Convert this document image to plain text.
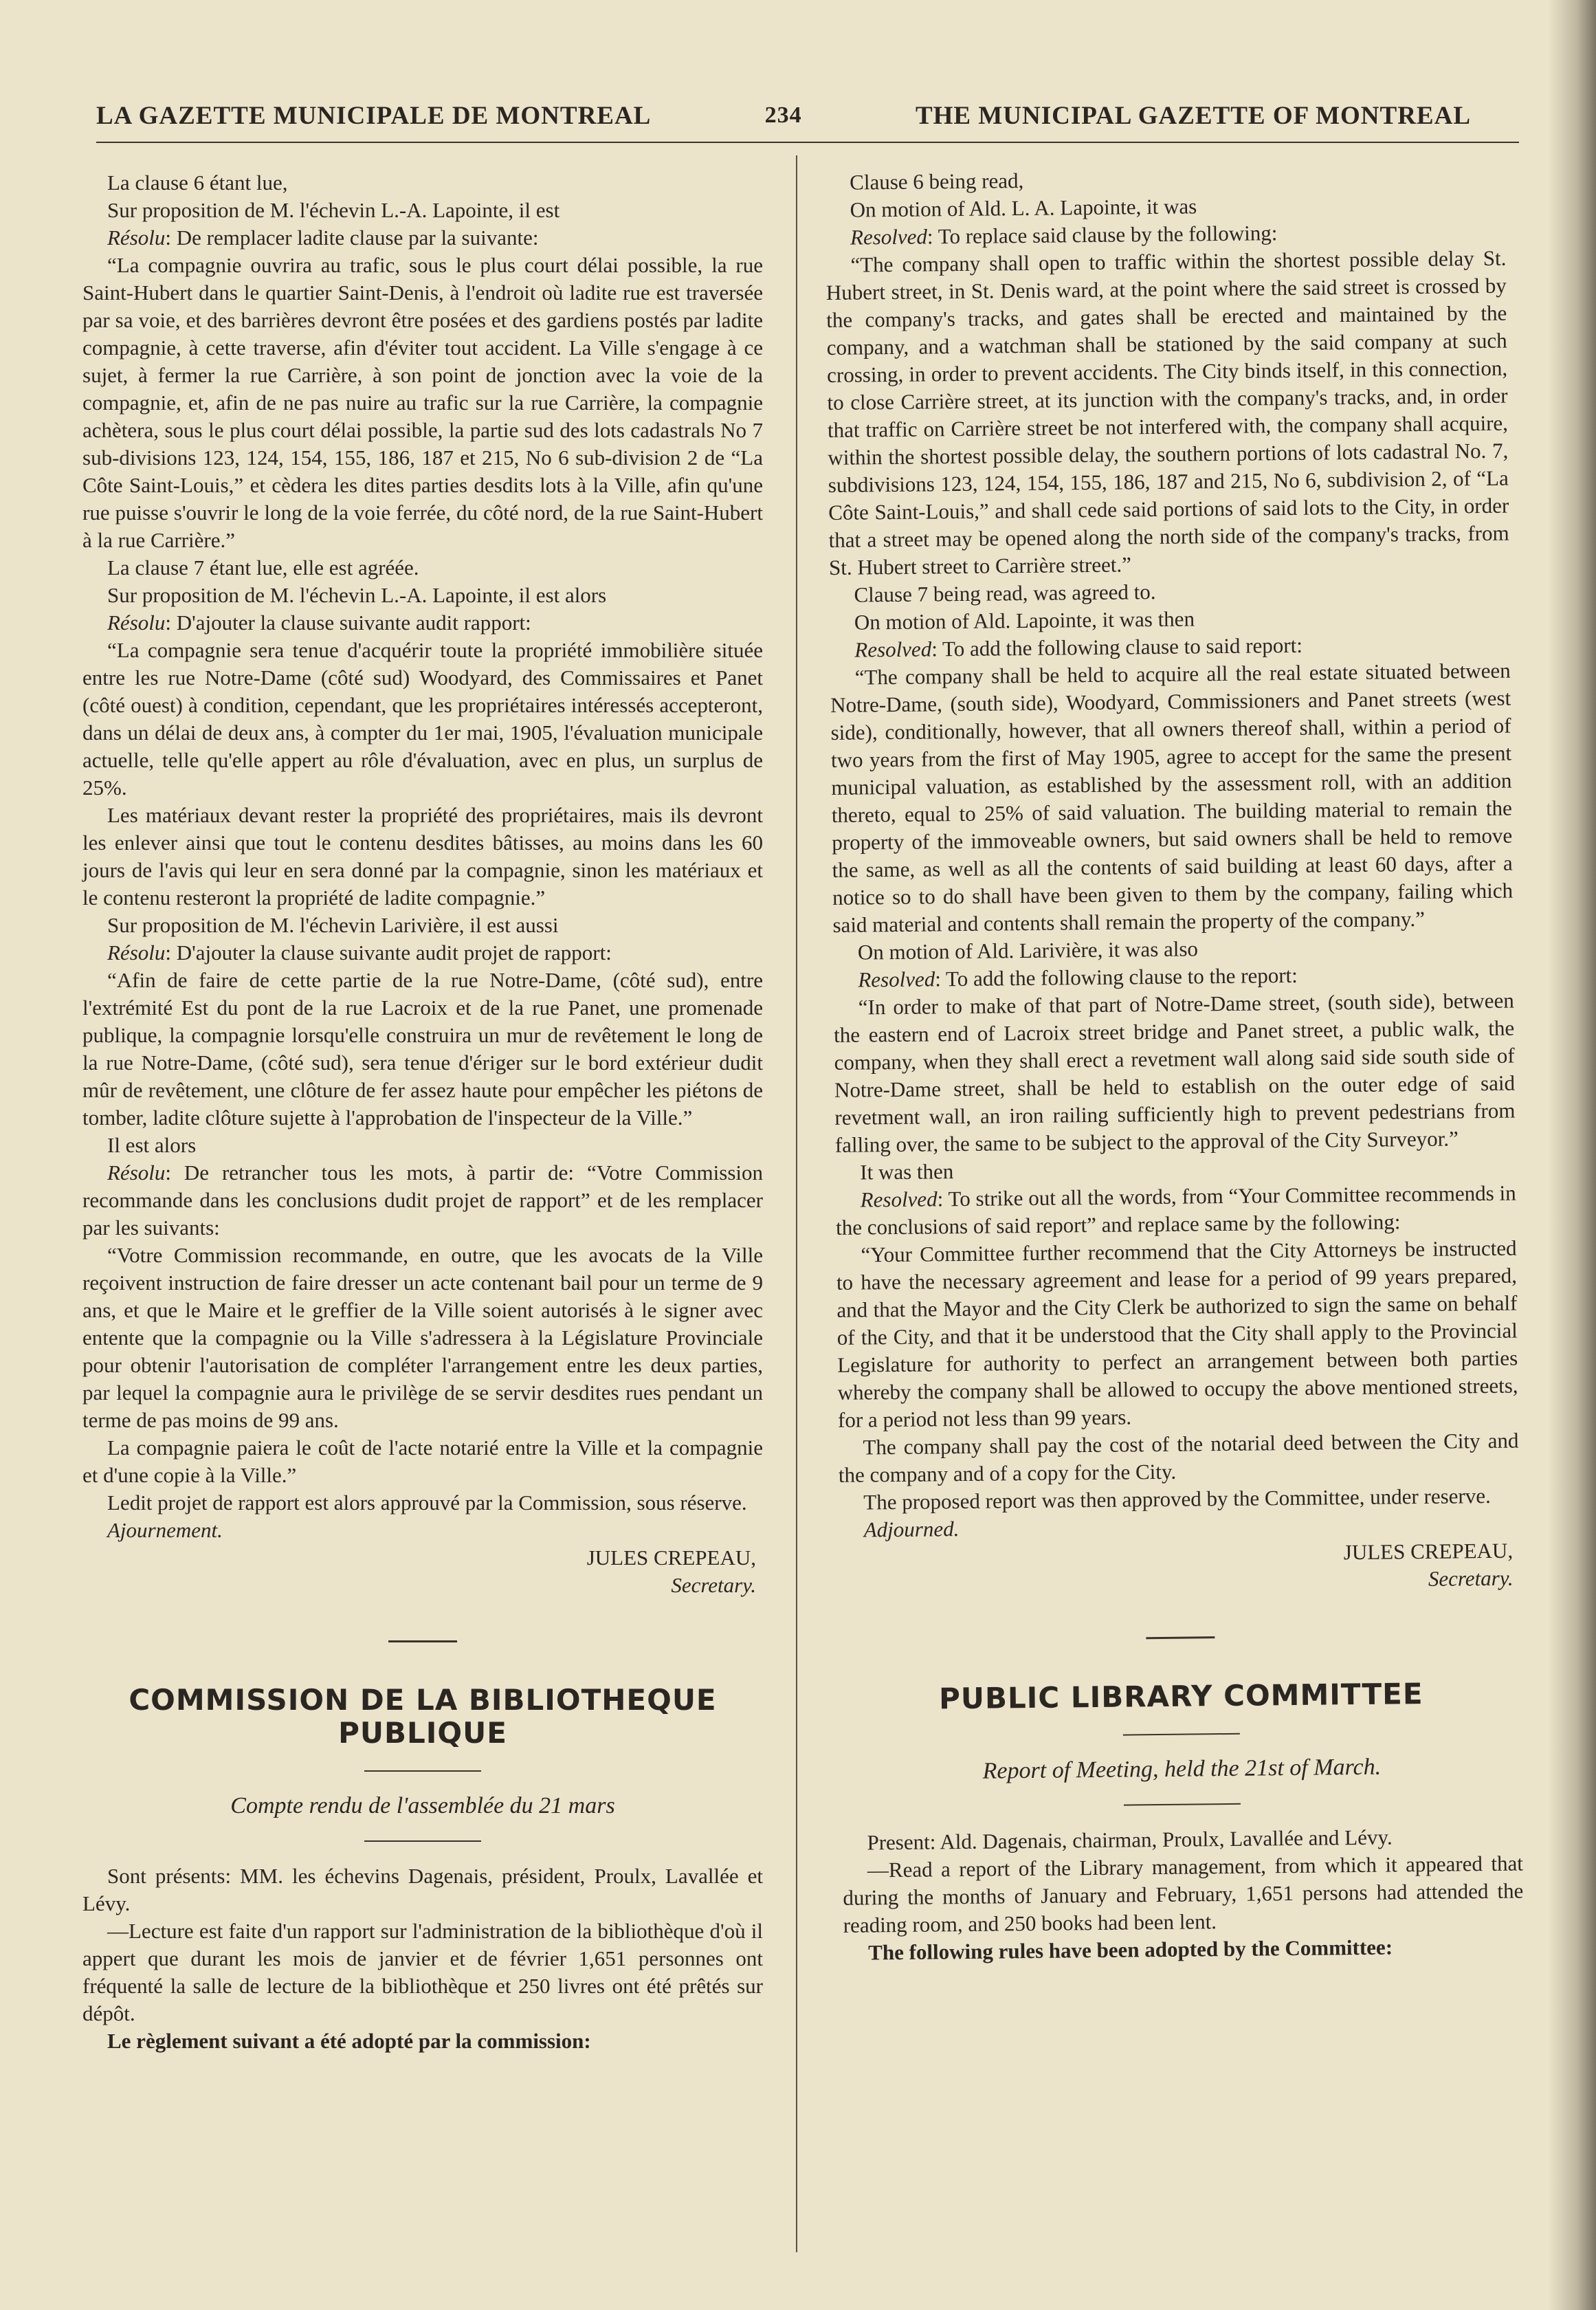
LA GAZETTE MUNICIPALE DE MONTREAL	234	THE MUNICIPAL GAZETTE OF MONTREAL

La clause 6 étant lue,

Sur proposition de M. l'échevin L.-A. Lapointe, il est

Résolu: De remplacer ladite clause par la suivante:

“La compagnie ouvrira au trafic, sous le plus court délai possible, la rue Saint-Hubert dans le quartier Saint-Denis, à l'endroit où ladite rue est traversée par sa voie, et des barrières devront être posées et des gardiens postés par ladite compagnie, à cette traverse, afin d'éviter tout accident. La Ville s'engage à ce sujet, à fermer la rue Carrière, à son point de jonction avec la voie de la compagnie, et, afin de ne pas nuire au trafic sur la rue Carrière, la compagnie achètera, sous le plus court délai possible, la partie sud des lots cadastrals No 7 sub-divisions 123, 124, 154, 155, 186, 187 et 215, No 6 sub-division 2 de “La Côte Saint-Louis,” et cèdera les dites parties desdits lots à la Ville, afin qu'une rue puisse s'ouvrir le long de la voie ferrée, du côté nord, de la rue Saint-Hubert à la rue Carrière.”

La clause 7 étant lue, elle est agréée.

Sur proposition de M. l'échevin L.-A. Lapointe, il est alors

Résolu: D'ajouter la clause suivante audit rapport:

“La compagnie sera tenue d'acquérir toute la propriété immobilière située entre les rue Notre-Dame (côté sud) Woodyard, des Commissaires et Panet (côté ouest) à condition, cependant, que les propriétaires intéressés accepteront, dans un délai de deux ans, à compter du 1er mai, 1905, l'évaluation municipale actuelle, telle qu'elle appert au rôle d'évaluation, avec en plus, un surplus de 25%.

Les matériaux devant rester la propriété des propriétaires, mais ils devront les enlever ainsi que tout le contenu desdites bâtisses, au moins dans les 60 jours de l'avis qui leur en sera donné par la compagnie, sinon les matériaux et le contenu resteront la propriété de ladite compagnie.”

Sur proposition de M. l'échevin Larivière, il est aussi

Résolu: D'ajouter la clause suivante audit projet de rapport:

“Afin de faire de cette partie de la rue Notre-Dame, (côté sud), entre l'extrémité Est du pont de la rue Lacroix et de la rue Panet, une promenade publique, la compagnie lorsqu'elle construira un mur de revêtement le long de la rue Notre-Dame, (côté sud), sera tenue d'ériger sur le bord extérieur dudit mûr de revêtement, une clôture de fer assez haute pour empêcher les piétons de tomber, ladite clôture sujette à l'approbation de l'inspecteur de la Ville.”

Il est alors

Résolu: De retrancher tous les mots, à partir de: “Votre Commission recommande dans les conclusions dudit projet de rapport” et de les remplacer par les suivants:

“Votre Commission recommande, en outre, que les avocats de la Ville reçoivent instruction de faire dresser un acte contenant bail pour un terme de 9 ans, et que le Maire et le greffier de la Ville soient autorisés à le signer avec entente que la compagnie ou la Ville s'adressera à la Législature Provinciale pour obtenir l'autorisation de compléter l'arrangement entre les deux parties, par lequel la compagnie aura le privilège de se servir desdites rues pendant un terme de pas moins de 99 ans.

La compagnie paiera le coût de l'acte notarié entre la Ville et la compagnie et d'une copie à la Ville.”

Ledit projet de rapport est alors approuvé par la Commission, sous réserve.

Ajournement.

JULES CREPEAU,

Secretary.

COMMISSION DE LA BIBLIOTHEQUE PUBLIQUE
Compte rendu de l'assemblée du 21 mars

Sont présents: MM. les échevins Dagenais, président, Proulx, Lavallée et Lévy.

—Lecture est faite d'un rapport sur l'administration de la bibliothèque d'où il appert que durant les mois de janvier et de février 1,651 personnes ont fréquenté la salle de lecture de la bibliothèque et 250 livres ont été prêtés sur dépôt.

Le règlement suivant a été adopté par la commission:

Clause 6 being read,

On motion of Ald. L. A. Lapointe, it was

Resolved: To replace said clause by the following:

“The company shall open to traffic within the shortest possible delay St. Hubert street, in St. Denis ward, at the point where the said street is crossed by the company's tracks, and gates shall be erected and maintained by the company, and a watchman shall be stationed by the said company at such crossing, in order to prevent accidents. The City binds itself, in this connection, to close Carrière street, at its junction with the company's tracks, and, in order that traffic on Carrière street be not interfered with, the company shall acquire, within the shortest possible delay, the southern portions of lots cadastral No. 7, subdivisions 123, 124, 154, 155, 186, 187 and 215, No 6, subdivision 2, of “La Côte Saint-Louis,” and shall cede said portions of said lots to the City, in order that a street may be opened along the north side of the company's tracks, from St. Hubert street to Carrière street.”

Clause 7 being read, was agreed to.

On motion of Ald. Lapointe, it was then

Resolved: To add the following clause to said report:

“The company shall be held to acquire all the real estate situated between Notre-Dame, (south side), Woodyard, Commissioners and Panet streets (west side), conditionally, however, that all owners thereof shall, within a period of two years from the first of May 1905, agree to accept for the same the present municipal valuation, as established by the assessment roll, with an addition thereto, equal to 25% of said valuation. The building material to remain the property of the immoveable owners, but said owners shall be held to remove the same, as well as all the contents of said building at least 60 days, after a notice so to do shall have been given to them by the company, failing which said material and contents shall remain the property of the company.”

On motion of Ald. Larivière, it was also

Resolved: To add the following clause to the report:

“In order to make of that part of Notre-Dame street, (south side), between the eastern end of Lacroix street bridge and Panet street, a public walk, the company, when they shall erect a revetment wall along said side south side of Notre-Dame street, shall be held to establish on the outer edge of said revetment wall, an iron railing sufficiently high to prevent pedestrians from falling over, the same to be subject to the approval of the City Surveyor.”

It was then

Resolved: To strike out all the words, from “Your Committee recommends in the conclusions of said report” and replace same by the following:

“Your Committee further recommend that the City Attorneys be instructed to have the necessary agreement and lease for a period of 99 years prepared, and that the Mayor and the City Clerk be authorized to sign the same on behalf of the City, and that it be understood that the City shall apply to the Provincial Legislature for authority to perfect an arrangement between both parties whereby the company shall be allowed to occupy the above mentioned streets, for a period not less than 99 years.

The company shall pay the cost of the notarial deed between the City and the company and of a copy for the City.

The proposed report was then approved by the Committee, under reserve.

Adjourned.

JULES CREPEAU,

Secretary.

PUBLIC LIBRARY COMMITTEE
Report of Meeting, held the 21st of March.

Present: Ald. Dagenais, chairman, Proulx, Lavallée and Lévy.

—Read a report of the Library management, from which it appeared that during the months of January and February, 1,651 persons had attended the reading room, and 250 books had been lent.

The following rules have been adopted by the Committee:
